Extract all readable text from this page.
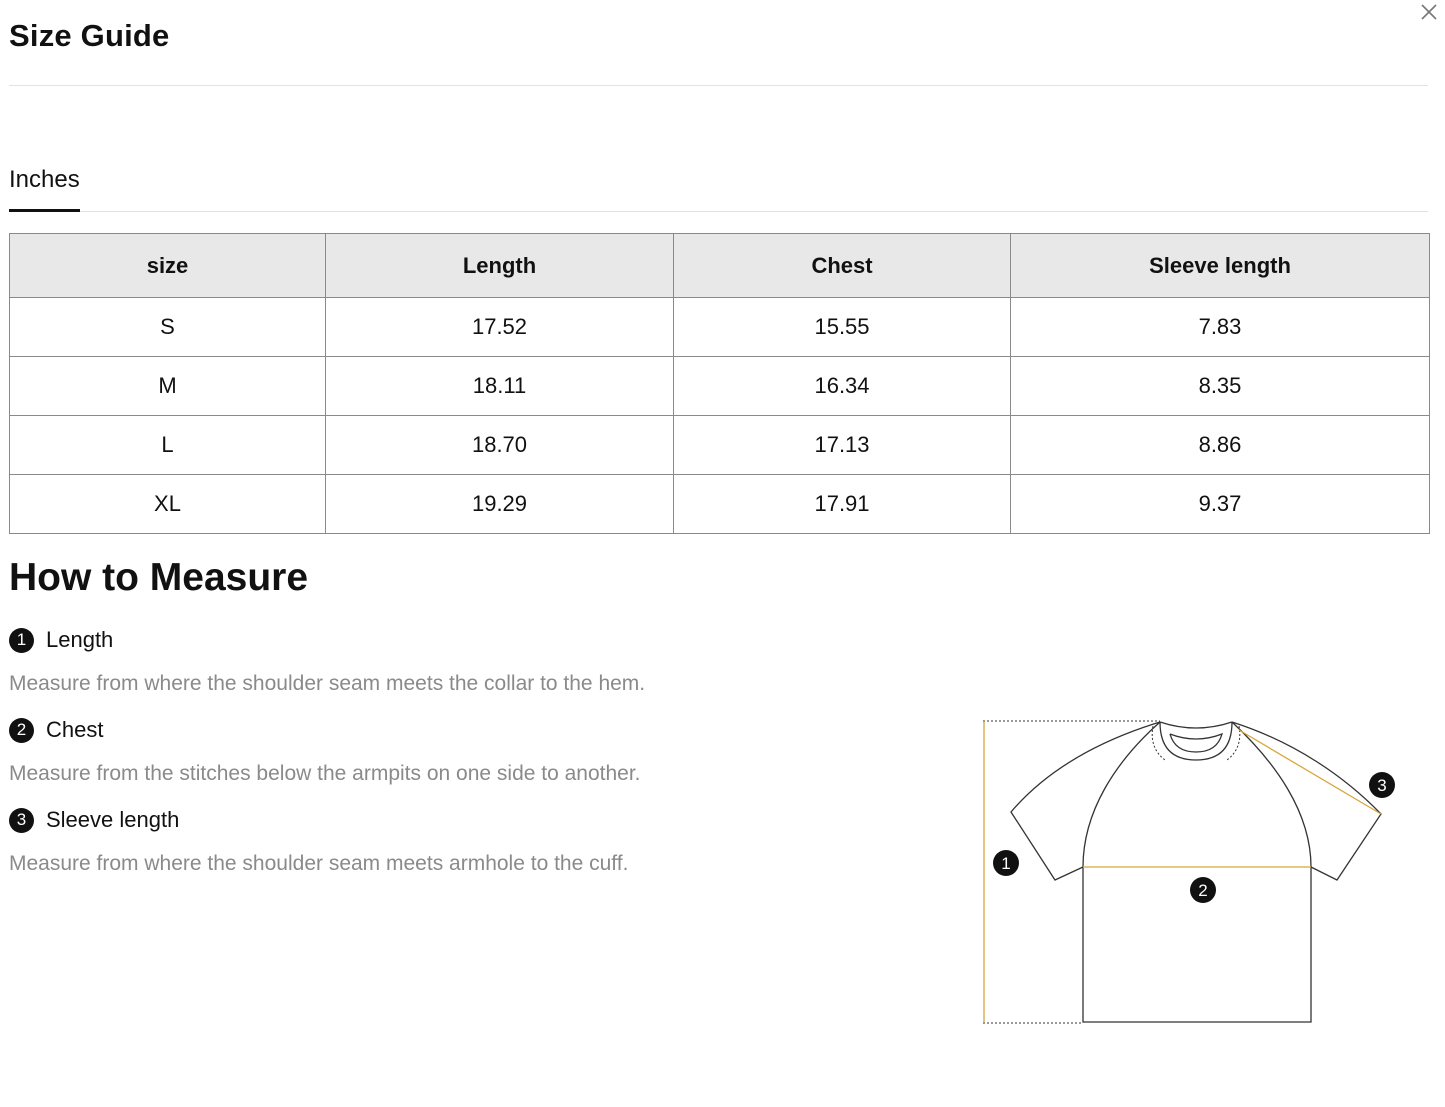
Size Guide
Inches
size	Length	Chest	Sleeve length
S	17.52	15.55	7.83
M	18.11	16.34	8.35
L	18.70	17.13	8.86
XL	19.29	17.91	9.37
How to Measure
1 Length
Measure from where the shoulder seam meets the collar to the hem.
2 Chest
Measure from the stitches below the armpits on one side to another.
3 Sleeve length
Measure from where the shoulder seam meets armhole to the cuff.	1
2
3
